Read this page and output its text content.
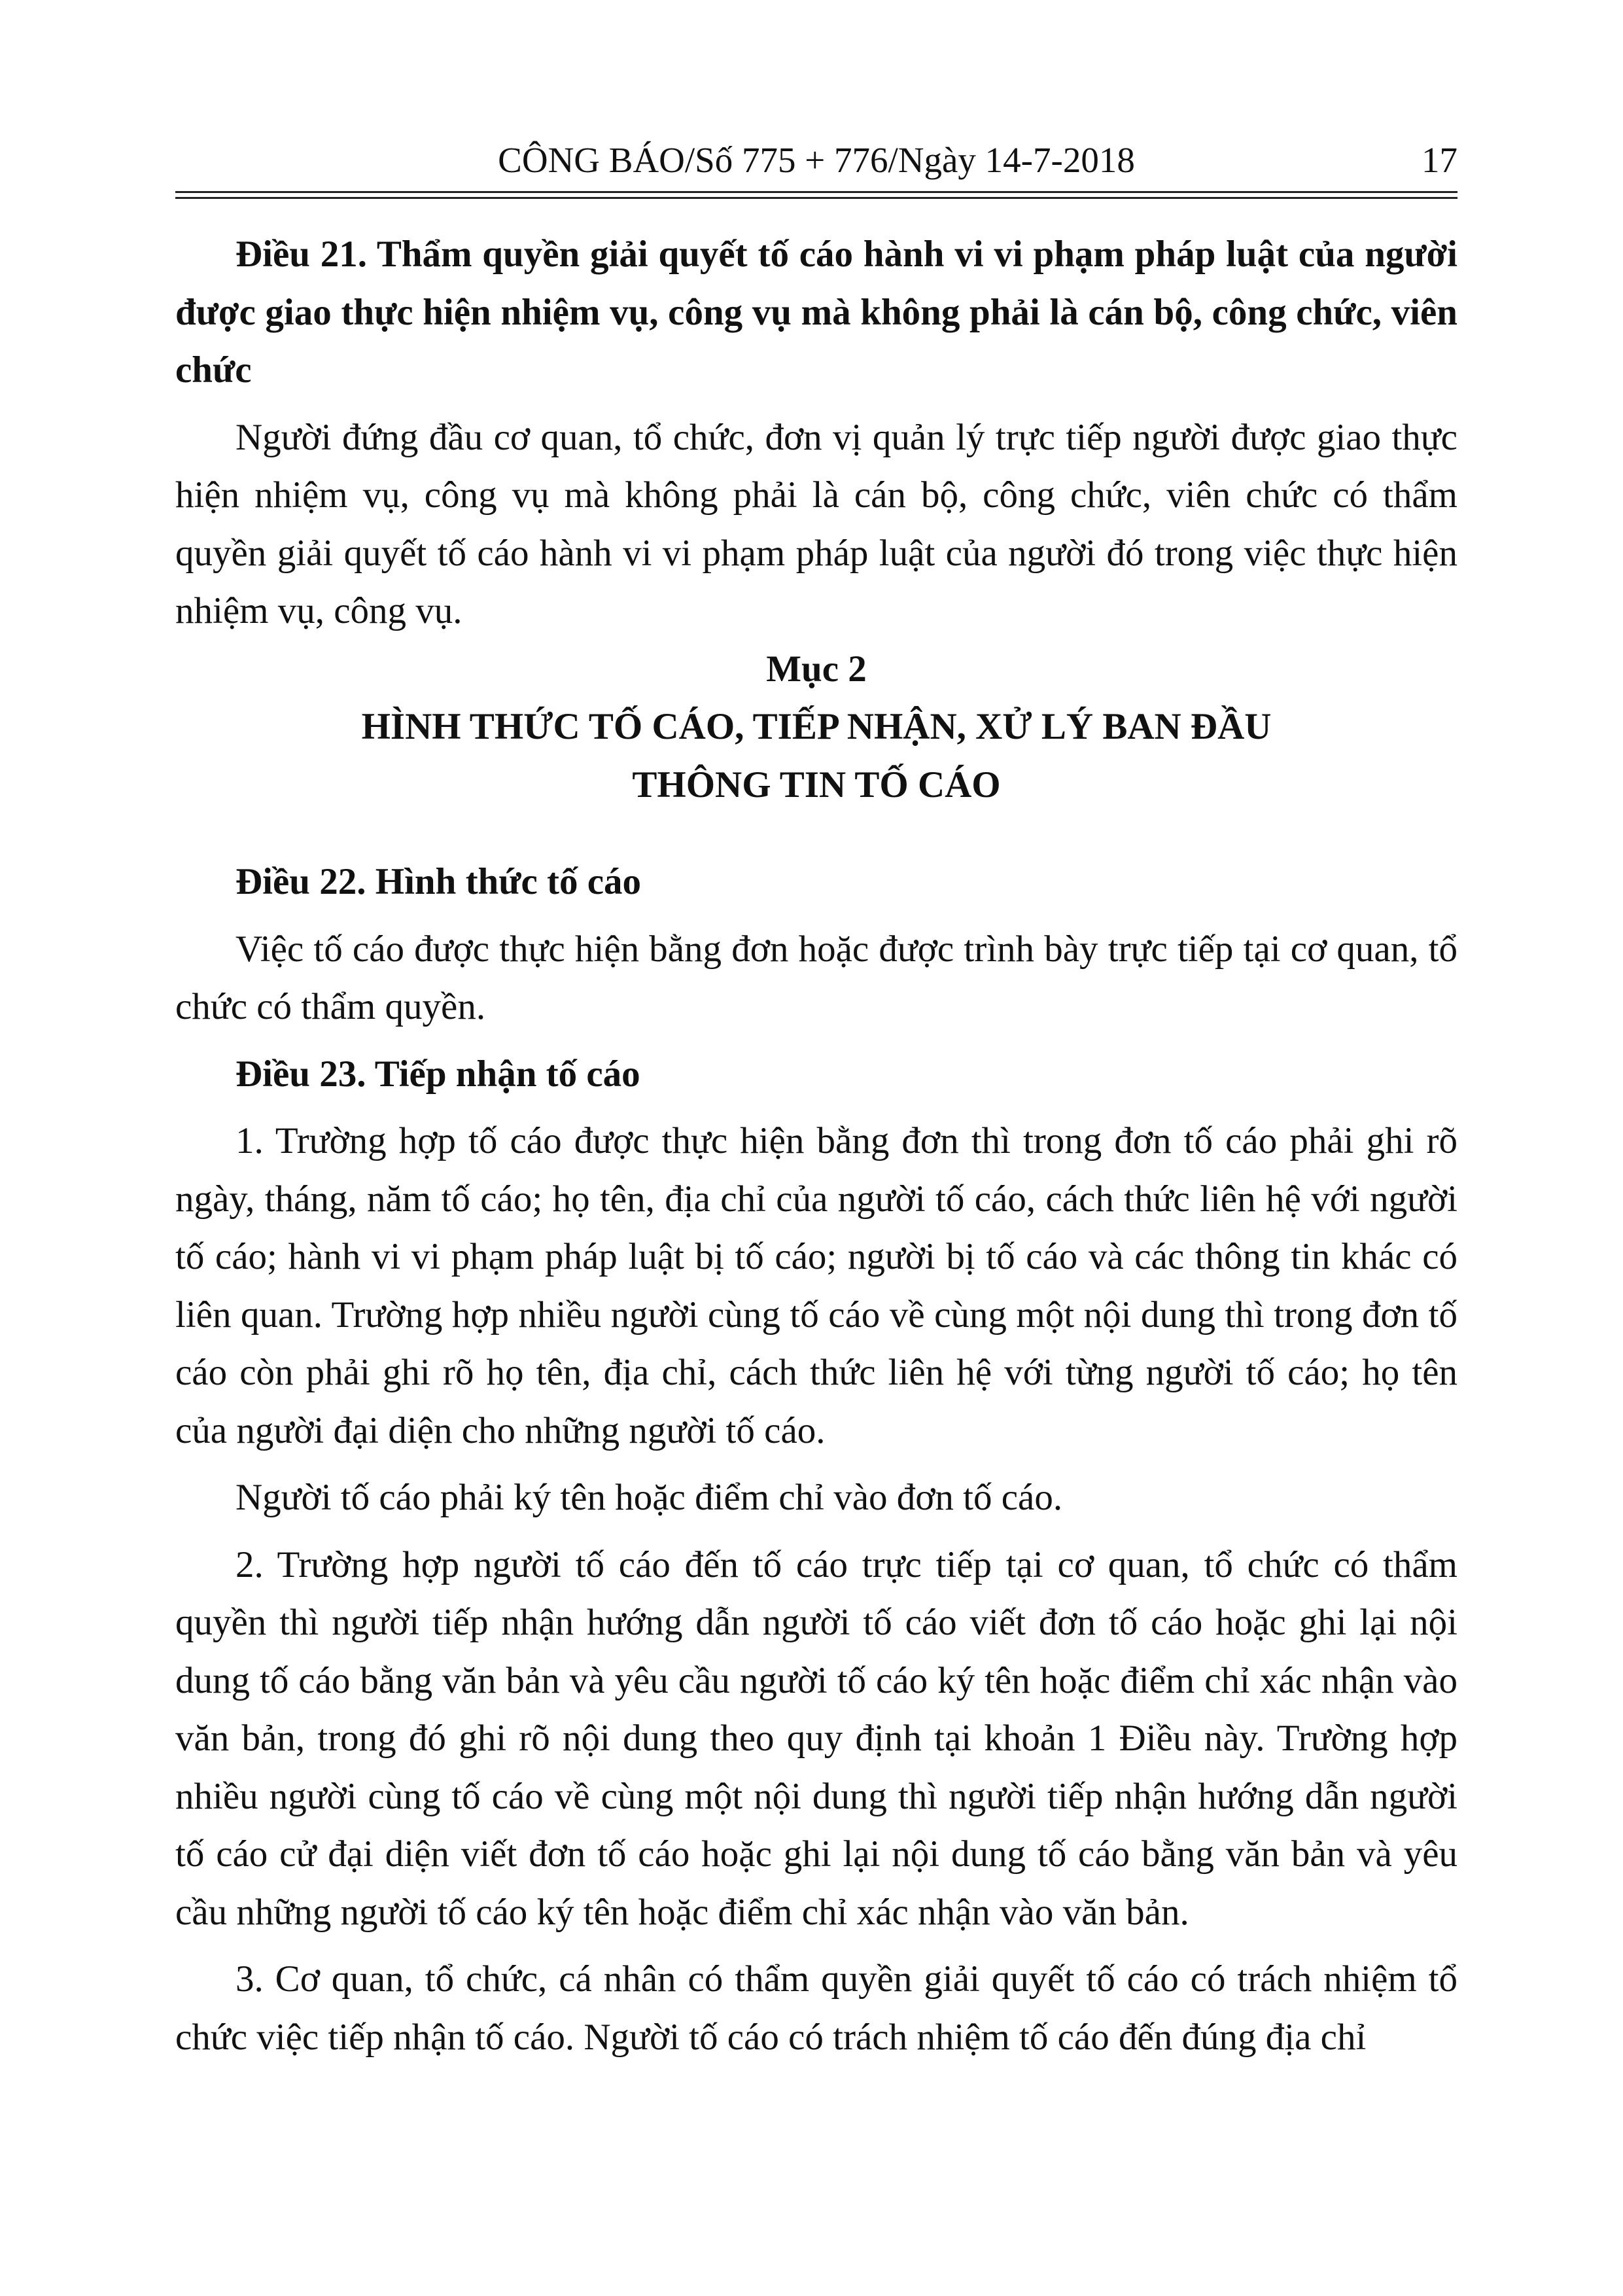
CÔNG BÁO/Số 775 + 776/Ngày 14-7-2018	17

Điều 21. Thẩm quyền giải quyết tố cáo hành vi vi phạm pháp luật của người được giao thực hiện nhiệm vụ, công vụ mà không phải là cán bộ, công chức, viên chức

Người đứng đầu cơ quan, tổ chức, đơn vị quản lý trực tiếp người được giao thực hiện nhiệm vụ, công vụ mà không phải là cán bộ, công chức, viên chức có thẩm quyền giải quyết tố cáo hành vi vi phạm pháp luật của người đó trong việc thực hiện nhiệm vụ, công vụ.

Mục 2

HÌNH THỨC TỐ CÁO, TIẾP NHẬN, XỬ LÝ BAN ĐẦU

THÔNG TIN TỐ CÁO

Điều 22. Hình thức tố cáo

Việc tố cáo được thực hiện bằng đơn hoặc được trình bày trực tiếp tại cơ quan, tổ chức có thẩm quyền.

Điều 23. Tiếp nhận tố cáo

1. Trường hợp tố cáo được thực hiện bằng đơn thì trong đơn tố cáo phải ghi rõ ngày, tháng, năm tố cáo; họ tên, địa chỉ của người tố cáo, cách thức liên hệ với người tố cáo; hành vi vi phạm pháp luật bị tố cáo; người bị tố cáo và các thông tin khác có liên quan. Trường hợp nhiều người cùng tố cáo về cùng một nội dung thì trong đơn tố cáo còn phải ghi rõ họ tên, địa chỉ, cách thức liên hệ với từng người tố cáo; họ tên của người đại diện cho những người tố cáo.

Người tố cáo phải ký tên hoặc điểm chỉ vào đơn tố cáo.

2. Trường hợp người tố cáo đến tố cáo trực tiếp tại cơ quan, tổ chức có thẩm quyền thì người tiếp nhận hướng dẫn người tố cáo viết đơn tố cáo hoặc ghi lại nội dung tố cáo bằng văn bản và yêu cầu người tố cáo ký tên hoặc điểm chỉ xác nhận vào văn bản, trong đó ghi rõ nội dung theo quy định tại khoản 1 Điều này. Trường hợp nhiều người cùng tố cáo về cùng một nội dung thì người tiếp nhận hướng dẫn người tố cáo cử đại diện viết đơn tố cáo hoặc ghi lại nội dung tố cáo bằng văn bản và yêu cầu những người tố cáo ký tên hoặc điểm chỉ xác nhận vào văn bản.

3. Cơ quan, tổ chức, cá nhân có thẩm quyền giải quyết tố cáo có trách nhiệm tổ chức việc tiếp nhận tố cáo. Người tố cáo có trách nhiệm tố cáo đến đúng địa chỉ
